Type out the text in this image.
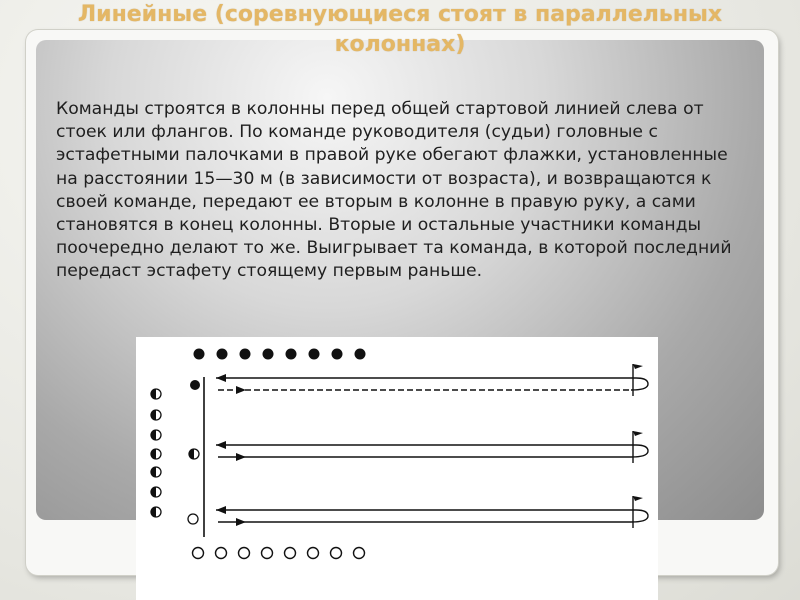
Линейные (соревнующиеся стоят в параллельных колоннах)

Команды строятся в колонны перед общей стартовой линией слева от стоек или флангов. По команде руководителя (судьи) головные с эстафетными палочками в правой руке обегают флажки, установленные на расстоянии 15—30 м (в зависимости от возраста), и возвращаются к своей команде, передают ее вторым в колонне в правую руку, а сами становятся в конец колонны. Вторые и остальные участники команды поочередно делают то же. Выигрывает та команда, в которой последний передаст эстафету стоящему первым раньше.
